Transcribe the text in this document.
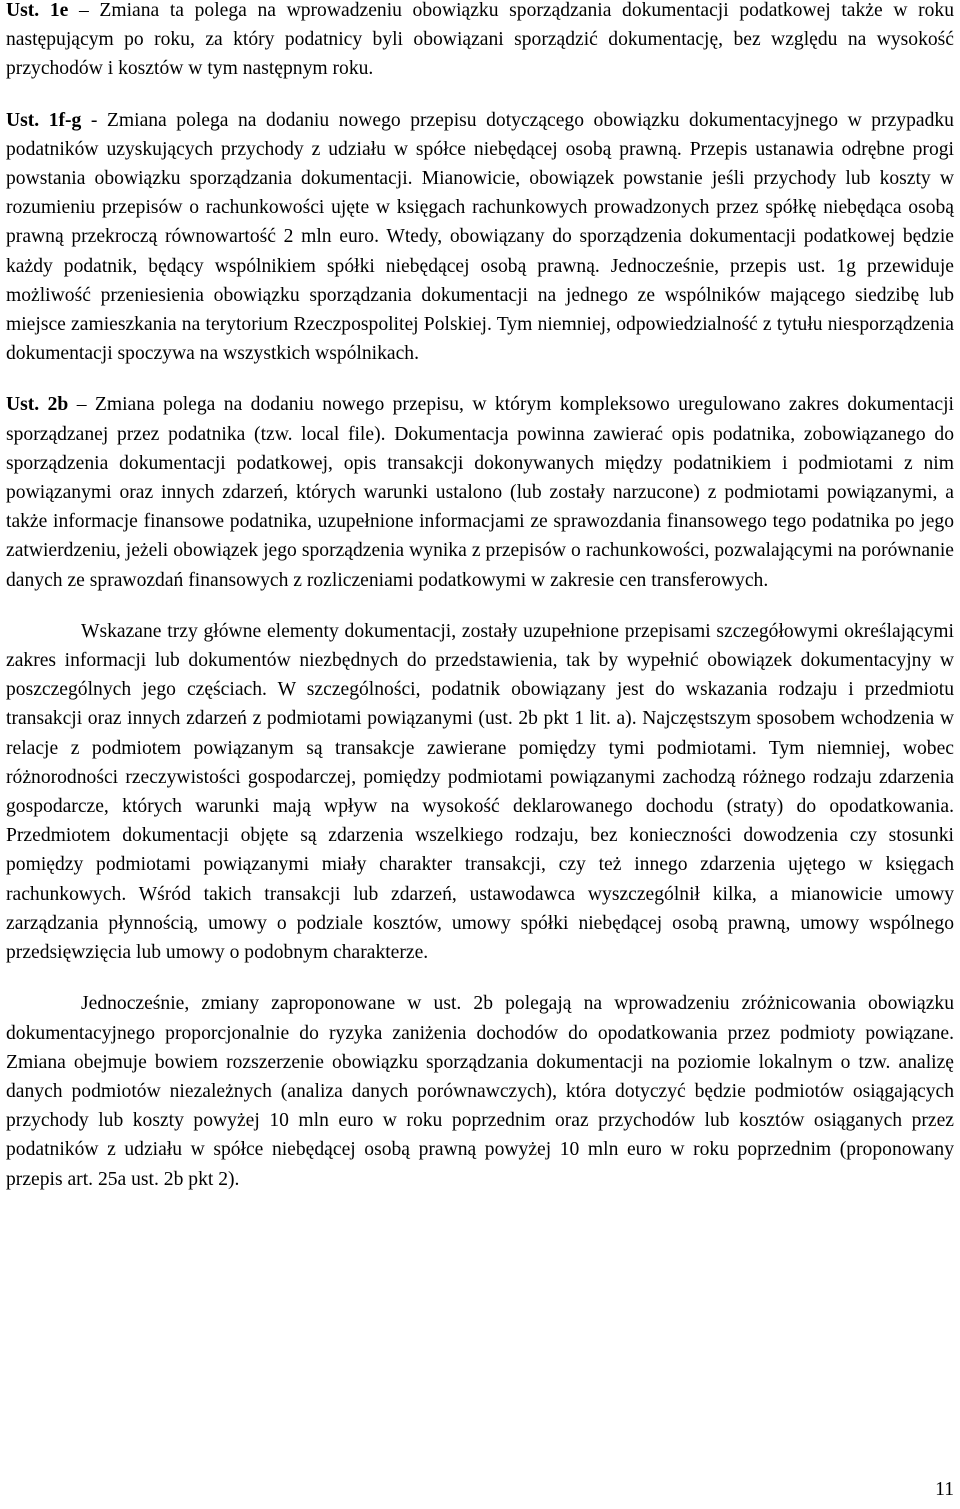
Ust. 1e – Zmiana ta polega na wprowadzeniu obowiązku sporządzania dokumentacji podatkowej także w roku następującym po roku, za który podatnicy byli obowiązani sporządzić dokumentację, bez względu na wysokość przychodów i kosztów w tym następnym roku.

Ust. 1f-g - Zmiana polega na dodaniu nowego przepisu dotyczącego obowiązku dokumentacyjnego w przypadku podatników uzyskujących przychody z udziału w spółce niebędącej osobą prawną. Przepis ustanawia odrębne progi powstania obowiązku sporządzania dokumentacji. Mianowicie, obowiązek powstanie jeśli przychody lub koszty w rozumieniu przepisów o rachunkowości ujęte w księgach rachunkowych prowadzonych przez spółkę niebędąca osobą prawną przekroczą równowartość 2 mln euro. Wtedy, obowiązany do sporządzenia dokumentacji podatkowej będzie każdy podatnik, będący wspólnikiem spółki niebędącej osobą prawną. Jednocześnie, przepis ust. 1g przewiduje możliwość przeniesienia obowiązku sporządzania dokumentacji na jednego ze wspólników mającego siedzibę lub miejsce zamieszkania na terytorium Rzeczpospolitej Polskiej. Tym niemniej, odpowiedzialność z tytułu niesporządzenia dokumentacji spoczywa na wszystkich wspólnikach.

Ust. 2b – Zmiana polega na dodaniu nowego przepisu, w którym kompleksowo uregulowano zakres dokumentacji sporządzanej przez podatnika (tzw. local file). Dokumentacja powinna zawierać opis podatnika, zobowiązanego do sporządzenia dokumentacji podatkowej, opis transakcji dokonywanych między podatnikiem i podmiotami z nim powiązanymi oraz innych zdarzeń, których warunki ustalono (lub zostały narzucone) z podmiotami powiązanymi, a także informacje finansowe podatnika, uzupełnione informacjami ze sprawozdania finansowego tego podatnika po jego zatwierdzeniu, jeżeli obowiązek jego sporządzenia wynika z przepisów o rachunkowości, pozwalającymi na porównanie danych ze sprawozdań finansowych z rozliczeniami podatkowymi w zakresie cen transferowych.

Wskazane trzy główne elementy dokumentacji, zostały uzupełnione przepisami szczegółowymi określającymi zakres informacji lub dokumentów niezbędnych do przedstawienia, tak by wypełnić obowiązek dokumentacyjny w poszczególnych jego częściach. W szczególności, podatnik obowiązany jest do wskazania rodzaju i przedmiotu transakcji oraz innych zdarzeń z podmiotami powiązanymi (ust. 2b pkt 1 lit. a). Najczęstszym sposobem wchodzenia w relacje z podmiotem powiązanym są transakcje zawierane pomiędzy tymi podmiotami. Tym niemniej, wobec różnorodności rzeczywistości gospodarczej, pomiędzy podmiotami powiązanymi zachodzą różnego rodzaju zdarzenia gospodarcze, których warunki mają wpływ na wysokość deklarowanego dochodu (straty) do opodatkowania. Przedmiotem dokumentacji objęte są zdarzenia wszelkiego rodzaju, bez konieczności dowodzenia czy stosunki pomiędzy podmiotami powiązanymi miały charakter transakcji, czy też innego zdarzenia ujętego w księgach rachunkowych. Wśród takich transakcji lub zdarzeń, ustawodawca wyszczególnił kilka, a mianowicie umowy zarządzania płynnością, umowy o podziale kosztów, umowy spółki niebędącej osobą prawną, umowy wspólnego przedsięwzięcia lub umowy o podobnym charakterze.

Jednocześnie, zmiany zaproponowane w ust. 2b polegają na wprowadzeniu zróżnicowania obowiązku dokumentacyjnego proporcjonalnie do ryzyka zaniżenia dochodów do opodatkowania przez podmioty powiązane. Zmiana obejmuje bowiem rozszerzenie obowiązku sporządzania dokumentacji na poziomie lokalnym o tzw. analizę danych podmiotów niezależnych (analiza danych porównawczych), która dotyczyć będzie podmiotów osiągających przychody lub koszty powyżej 10 mln euro w roku poprzednim oraz przychodów lub kosztów osiąganych przez podatników z udziału w spółce niebędącej osobą prawną powyżej 10 mln euro w roku poprzednim (proponowany przepis art. 25a ust. 2b pkt 2).

11
